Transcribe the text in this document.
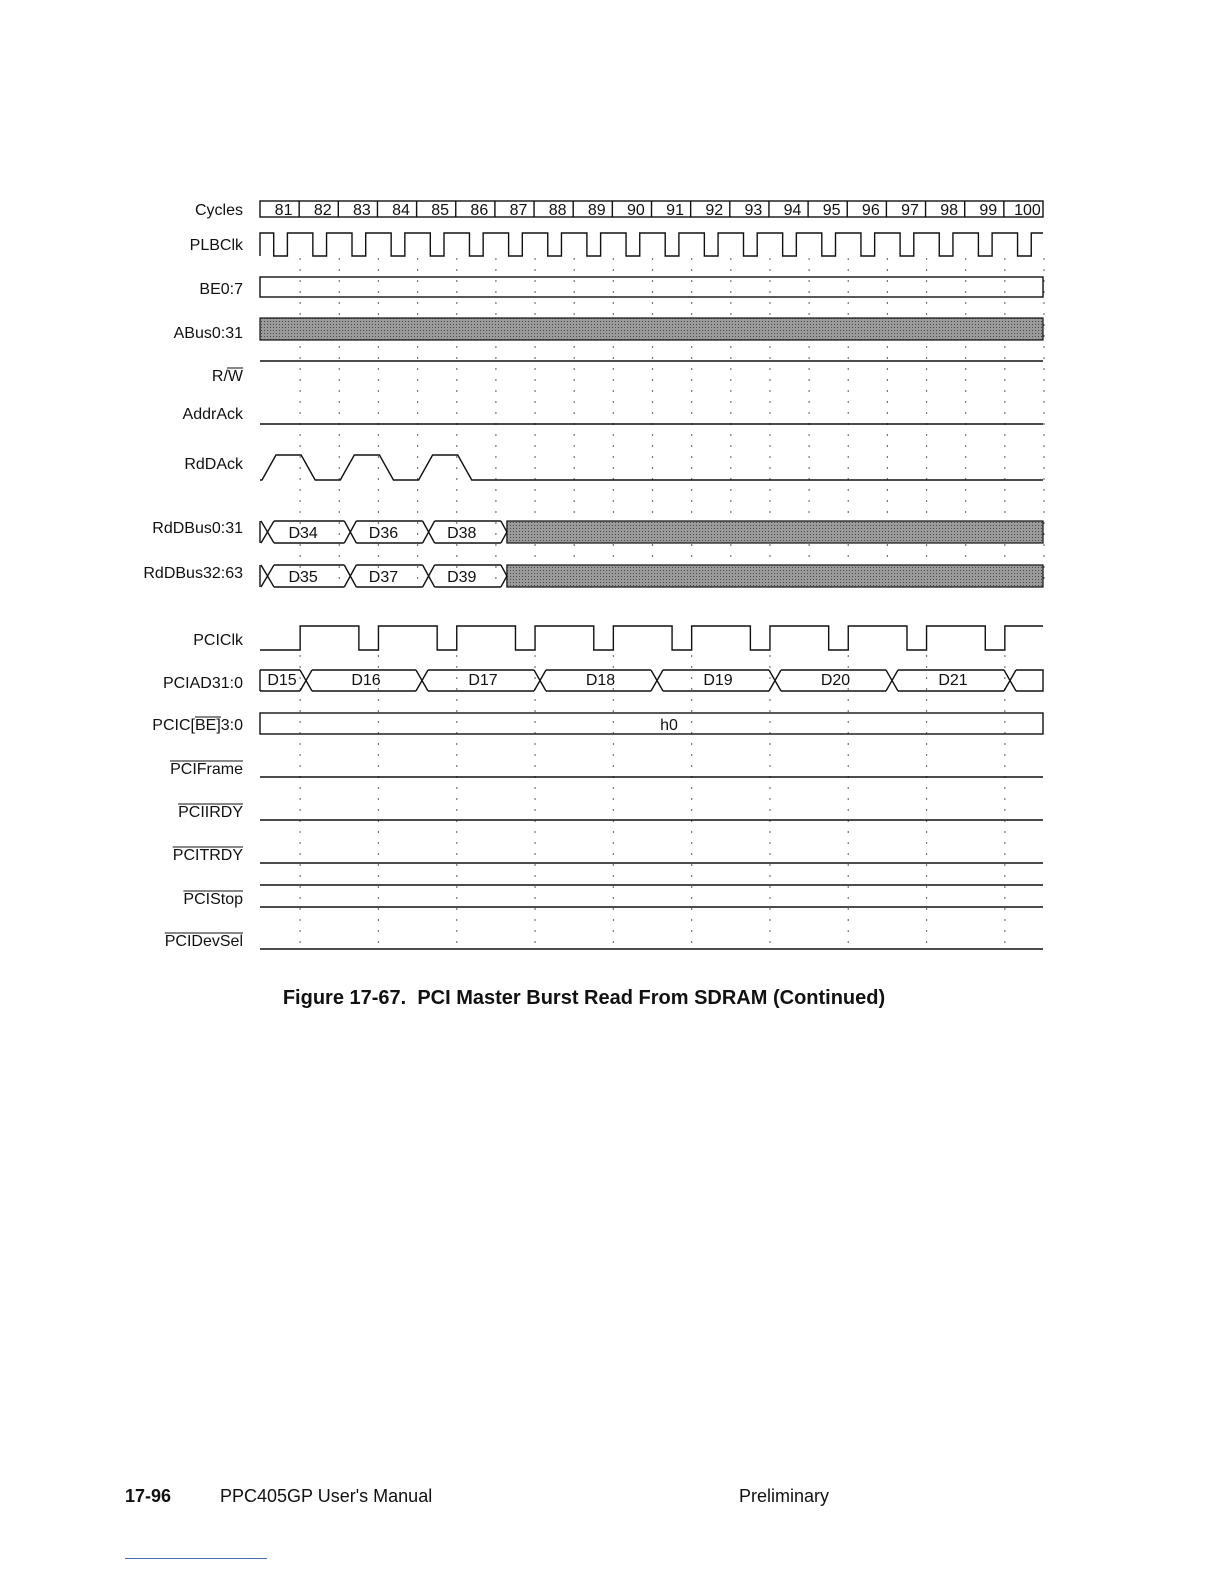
Cycles
PLBClk
BE0:7
ABus0:31
R/W
AddrAck
RdDAck
RdDBus0:31
RdDBus32:63
PCIClk
PCIAD31:0
PCIC[BE]3:0
PCIFrame
PCIIRDY
PCITRDY
PCIStop
PCIDevSel
81 82 83 84 85 86 87 88 89 90 91 92 93 94 95 96 97 98 99 100
D34	D36	D38
D35	D37	D39
D15	D16	D17	D18	D19	D20	D21
h0
Figure 17-67. PCI Master Burst Read From SDRAM (Continued)
17-96	PPC405GP User's Manual	Preliminary
